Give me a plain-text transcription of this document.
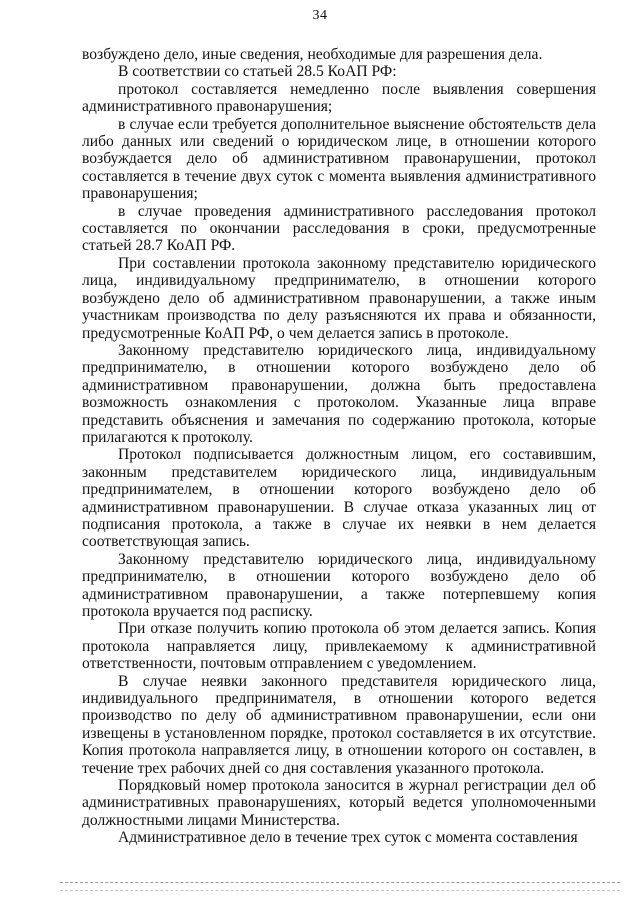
34

возбуждено дело, иные сведения, необходимые для разрешения дела.

В соответствии со статьей 28.5 КоАП РФ:

протокол составляется немедленно после выявления совершения административного правонарушения;

в случае если требуется дополнительное выяснение обстоятельств дела либо данных или сведений о юридическом лице, в отношении которого возбуждается дело об административном правонарушении, протокол составляется в течение двух суток с момента выявления административного правонарушения;

в случае проведения административного расследования протокол составляется по окончании расследования в сроки, предусмотренные статьей 28.7 КоАП РФ.

При составлении протокола законному представителю юридического лица, индивидуальному предпринимателю, в отношении которого возбуждено дело об административном правонарушении, а также иным участникам производства по делу разъясняются их права и обязанности, предусмотренные КоАП РФ, о чем делается запись в протоколе.

Законному представителю юридического лица, индивидуальному предпринимателю, в отношении которого возбуждено дело об административном правонарушении, должна быть предоставлена возможность ознакомления с протоколом. Указанные лица вправе представить объяснения и замечания по содержанию протокола, которые прилагаются к протоколу.

Протокол подписывается должностным лицом, его составившим, законным представителем юридического лица, индивидуальным предпринимателем, в отношении которого возбуждено дело об административном правонарушении. В случае отказа указанных лиц от подписания протокола, а также в случае их неявки в нем делается соответствующая запись.

Законному представителю юридического лица, индивидуальному предпринимателю, в отношении которого возбуждено дело об административном правонарушении, а также потерпевшему копия протокола вручается под расписку.

При отказе получить копию протокола об этом делается запись. Копия протокола направляется лицу, привлекаемому к административной ответственности, почтовым отправлением с уведомлением.

В случае неявки законного представителя юридического лица, индивидуального предпринимателя, в отношении которого ведется производство по делу об административном правонарушении, если они извещены в установленном порядке, протокол составляется в их отсутствие. Копия протокола направляется лицу, в отношении которого он составлен, в течение трех рабочих дней со дня составления указанного протокола.

Порядковый номер протокола заносится в журнал регистрации дел об административных правонарушениях, который ведется уполномоченными должностными лицами Министерства.

Административное дело в течение трех суток с момента составления
